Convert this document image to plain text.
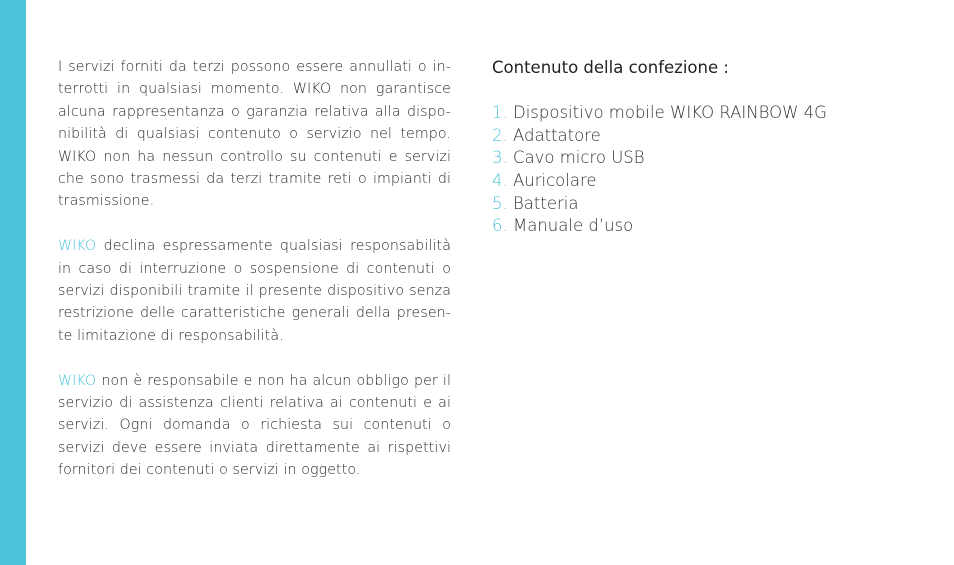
I servizi forniti da terzi possono essere annullati o in-terrotti in qualsiasi momento. WIKO non garantisce alcuna rappresentanza o garanzia relativa alla dispo-nibilità di qualsiasi contenuto o servizio nel tempo. WIKO non ha nessun controllo su contenuti e servizi che sono trasmessi da terzi tramite reti o impianti di trasmissione.

WIKO declina espressamente qualsiasi responsabilità in caso di interruzione o sospensione di contenuti o servizi disponibili tramite il presente dispositivo senza restrizione delle caratteristiche generali della presen-te limitazione di responsabilità.

WIKO non è responsabile e non ha alcun obbligo per il servizio di assistenza clienti relativa ai contenuti e ai servizi. Ogni domanda o richiesta sui contenuti o servizi deve essere inviata direttamente ai rispettivi fornitori dei contenuti o servizi in oggetto.

Contenuto della confezione :
1. Dispositivo mobile WIKO RAINBOW 4G
2. Adattatore
3. Cavo micro USB
4. Auricolare
5. Batteria
6. Manuale d’uso
